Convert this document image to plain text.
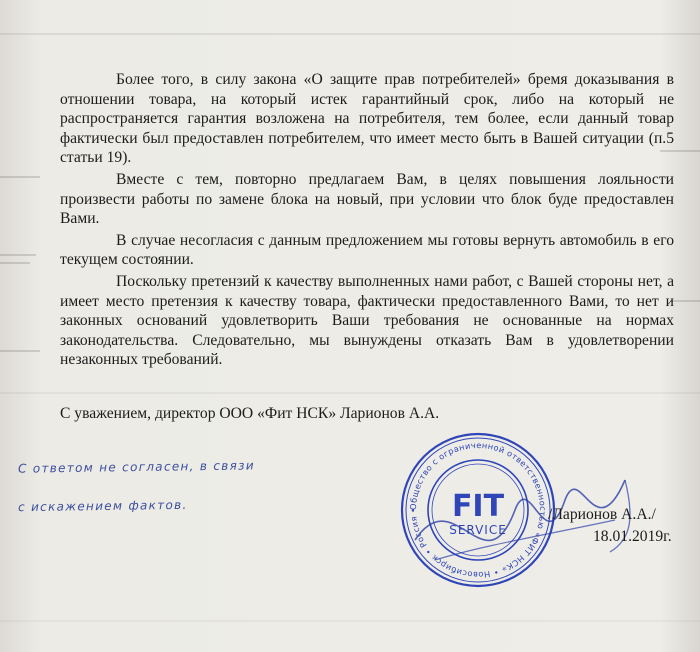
Более того, в силу закона «О защите прав потребителей» бремя доказывания в отношении товара, на который истек гарантийный срок, либо на который не распространяется гарантия возложена на потребителя, тем более, если данный товар фактически был предоставлен потребителем, что имеет место быть в Вашей ситуации (п.5 статьи 19).

Вместе с тем, повторно предлагаем Вам, в целях повышения лояльности произвести работы по замене блока на новый, при условии что блок буде предоставлен Вами.

В случае несогласия с данным предложением мы готовы вернуть автомобиль в его текущем состоянии.

Поскольку претензий к качеству выполненных нами работ, с Вашей стороны нет, а имеет место претензия к качеству товара, фактически предоставленного Вами, то нет и законных оснований удовлетворить Ваши требования не основанные на нормах законодательства. Следовательно, мы вынуждены отказать Вам в удовлетворении незаконных требований.

С уважением, директор ООО «Фит НСК» Ларионов А.А.
С ответом не согласен, в связи
с искажением фактов.	Общество с ограниченной ответственностью «ФИТ НСК» • Новосибирск • Россия •	FIT
SERVICE
/Ларионов А.А./
18.01.2019г.
